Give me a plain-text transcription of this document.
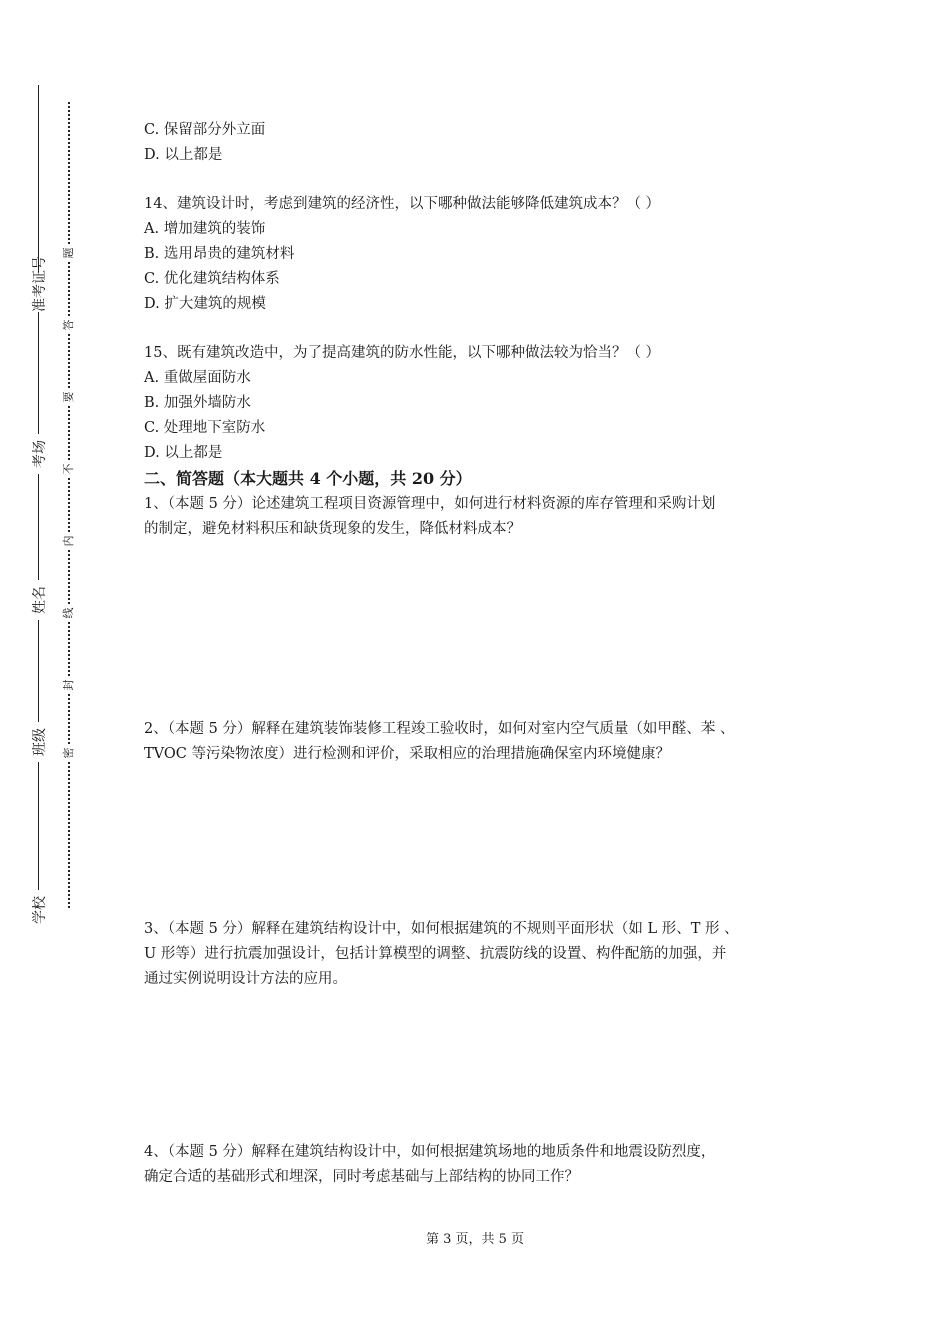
准考证号
考场
姓名
班级
学校
题
答
要
不
内
线
封
密

C. 保留部分外立面

D. 以上都是

14、建筑设计时，考虑到建筑的经济性，以下哪种做法能够降低建筑成本？（ ）

A. 增加建筑的装饰

B. 选用昂贵的建筑材料

C. 优化建筑结构体系

D. 扩大建筑的规模

15、既有建筑改造中，为了提高建筑的防水性能，以下哪种做法较为恰当？（ ）

A. 重做屋面防水

B. 加强外墙防水

C. 处理地下室防水

D. 以上都是

二、简答题（本大题共 4 个小题，共 20 分）

1、（本题 5 分）论述建筑工程项目资源管理中，如何进行材料资源的库存管理和采购计划

的制定，避免材料积压和缺货现象的发生，降低材料成本？

2、（本题 5 分）解释在建筑装饰装修工程竣工验收时，如何对室内空气质量（如甲醛、苯 、

TVOC 等污染物浓度）进行检测和评价，采取相应的治理措施确保室内环境健康？

3、（本题 5 分）解释在建筑结构设计中，如何根据建筑的不规则平面形状（如 L 形、T 形 、

U 形等）进行抗震加强设计，包括计算模型的调整、抗震防线的设置、构件配筋的加强，并

通过实例说明设计方法的应用。

4、（本题 5 分）解释在建筑结构设计中，如何根据建筑场地的地质条件和地震设防烈度，

确定合适的基础形式和埋深，同时考虑基础与上部结构的协同工作？

第 3 页，共 5 页
